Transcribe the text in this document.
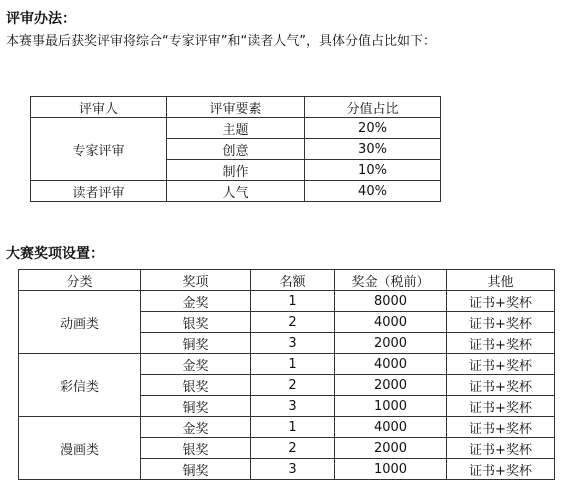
评审办法：
本赛事最后获奖评审将综合“专家评审”和“读者人气”，具体分值占比如下：
评审人	评审要素	分值占比
专家评审	主题	20%
	创意	30%
	制作	10%
读者评审	人气	40%
大赛奖项设置：
分类	奖项	名额	奖金（税前）	其他
动画类	金奖	1	8000	证书+奖杯
	银奖	2	4000	证书+奖杯
	铜奖	3	2000	证书+奖杯
彩信类	金奖	1	4000	证书+奖杯
	银奖	2	2000	证书+奖杯
	铜奖	3	1000	证书+奖杯
漫画类	金奖	1	4000	证书+奖杯
	银奖	2	2000	证书+奖杯
	铜奖	3	1000	证书+奖杯
